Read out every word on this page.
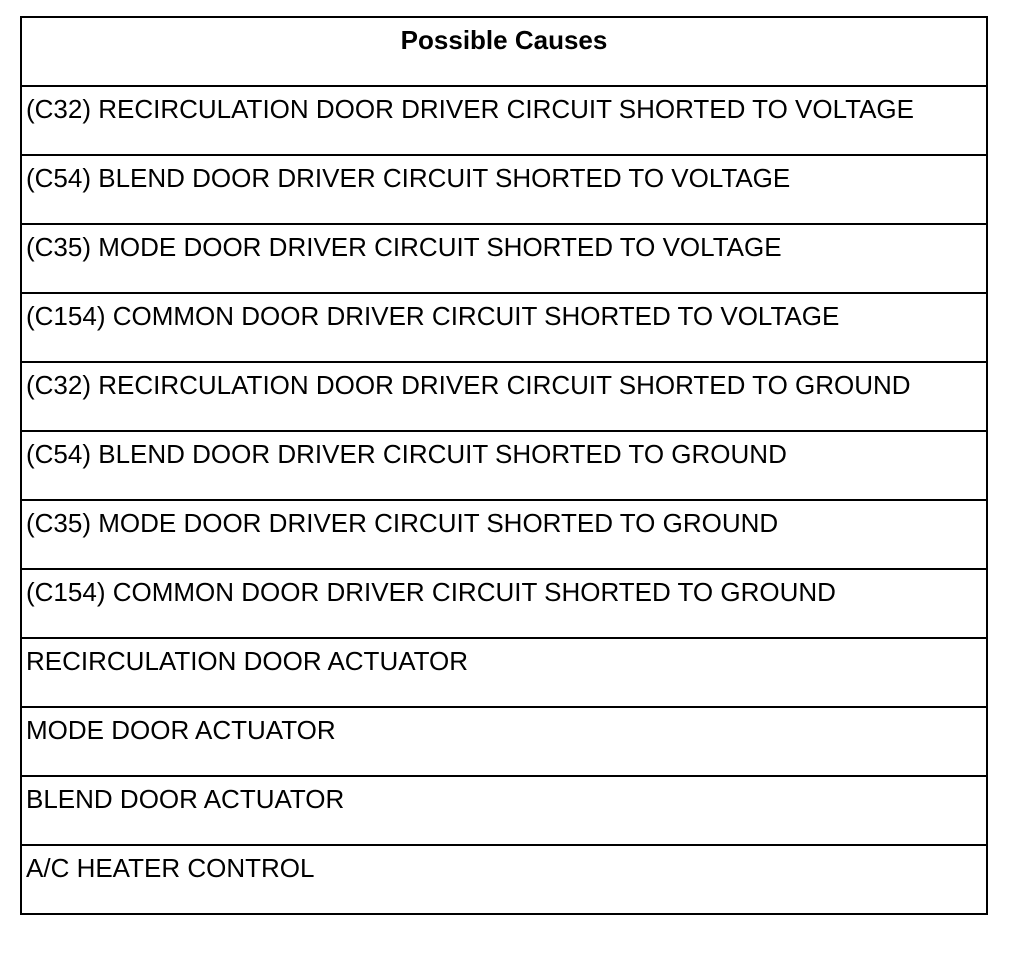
Possible Causes
(C32) RECIRCULATION DOOR DRIVER CIRCUIT SHORTED TO VOLTAGE
(C54) BLEND DOOR DRIVER CIRCUIT SHORTED TO VOLTAGE
(C35) MODE DOOR DRIVER CIRCUIT SHORTED TO VOLTAGE
(C154) COMMON DOOR DRIVER CIRCUIT SHORTED TO VOLTAGE
(C32) RECIRCULATION DOOR DRIVER CIRCUIT SHORTED TO GROUND
(C54) BLEND DOOR DRIVER CIRCUIT SHORTED TO GROUND
(C35) MODE DOOR DRIVER CIRCUIT SHORTED TO GROUND
(C154) COMMON DOOR DRIVER CIRCUIT SHORTED TO GROUND
RECIRCULATION DOOR ACTUATOR
MODE DOOR ACTUATOR
BLEND DOOR ACTUATOR
A/C HEATER CONTROL
